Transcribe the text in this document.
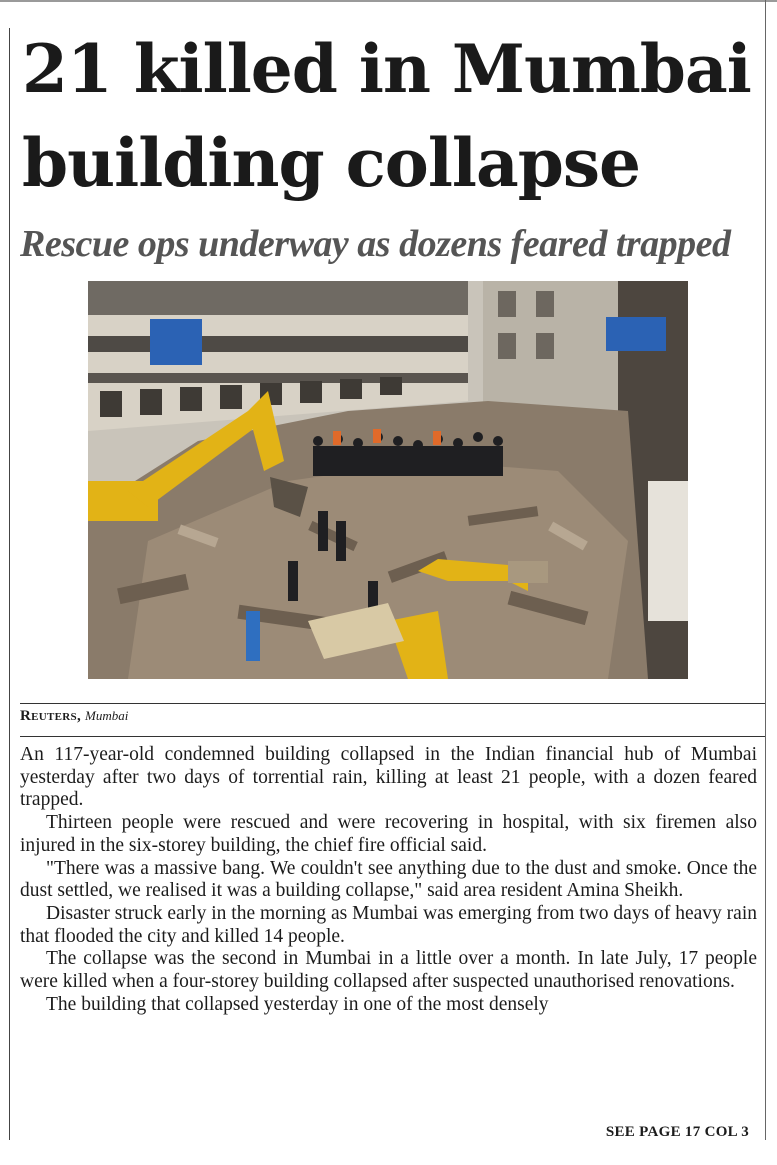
21 killed in Mumbai building collapse
Rescue ops underway as dozens feared trapped
Reuters, Mumbai

An 117-year-old condemned building collapsed in the Indian financial hub of Mumbai yesterday after two days of torrential rain, killing at least 21 people, with a dozen feared trapped.

Thirteen people were rescued and were recovering in hospital, with six firemen also injured in the six-storey building, the chief fire official said.

"There was a massive bang. We couldn't see anything due to the dust and smoke. Once the dust settled, we realised it was a building collapse," said area resident Amina Sheikh.

Disaster struck early in the morning as Mumbai was emerging from two days of heavy rain that flooded the city and killed 14 people.

The collapse was the second in Mumbai in a little over a month. In late July, 17 people were killed when a four-storey building collapsed after suspected unauthorised renovations.

The building that collapsed yesterday in one of the most densely

SEE PAGE 17 COL 3
